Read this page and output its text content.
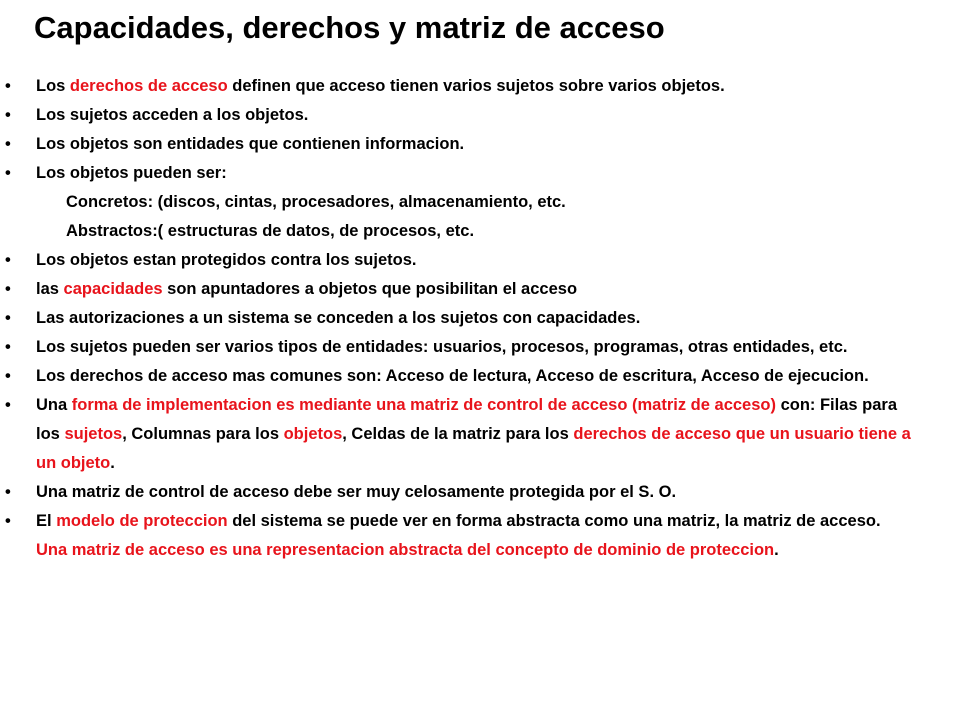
Capacidades, derechos y matriz de acceso
• Los derechos de acceso definen que acceso tienen varios sujetos sobre varios objetos.
• Los sujetos acceden a los objetos.
• Los objetos son entidades que contienen informacion.
• Los objetos pueden ser:
Concretos: (discos, cintas, procesadores, almacenamiento, etc.
Abstractos:( estructuras de datos, de procesos, etc.
• Los objetos estan protegidos contra los sujetos.
• las capacidades son apuntadores a objetos que posibilitan el acceso
• Las autorizaciones a un sistema se conceden a los sujetos con capacidades.
• Los sujetos pueden ser varios tipos de entidades: usuarios, procesos, programas, otras entidades, etc.
• Los derechos de acceso mas comunes son: Acceso de lectura, Acceso de escritura, Acceso de ejecucion.
• Una forma de implementacion es mediante una matriz de control de acceso (matriz de acceso) con: Filas para los sujetos, Columnas para los objetos, Celdas de la matriz para los derechos de acceso que un usuario tiene a un objeto.
• Una matriz de control de acceso debe ser muy celosamente protegida por el S. O.
• El modelo de proteccion del sistema se puede ver en forma abstracta como una matriz, la matriz de acceso. Una matriz de acceso es una representacion abstracta del concepto de dominio de proteccion.
